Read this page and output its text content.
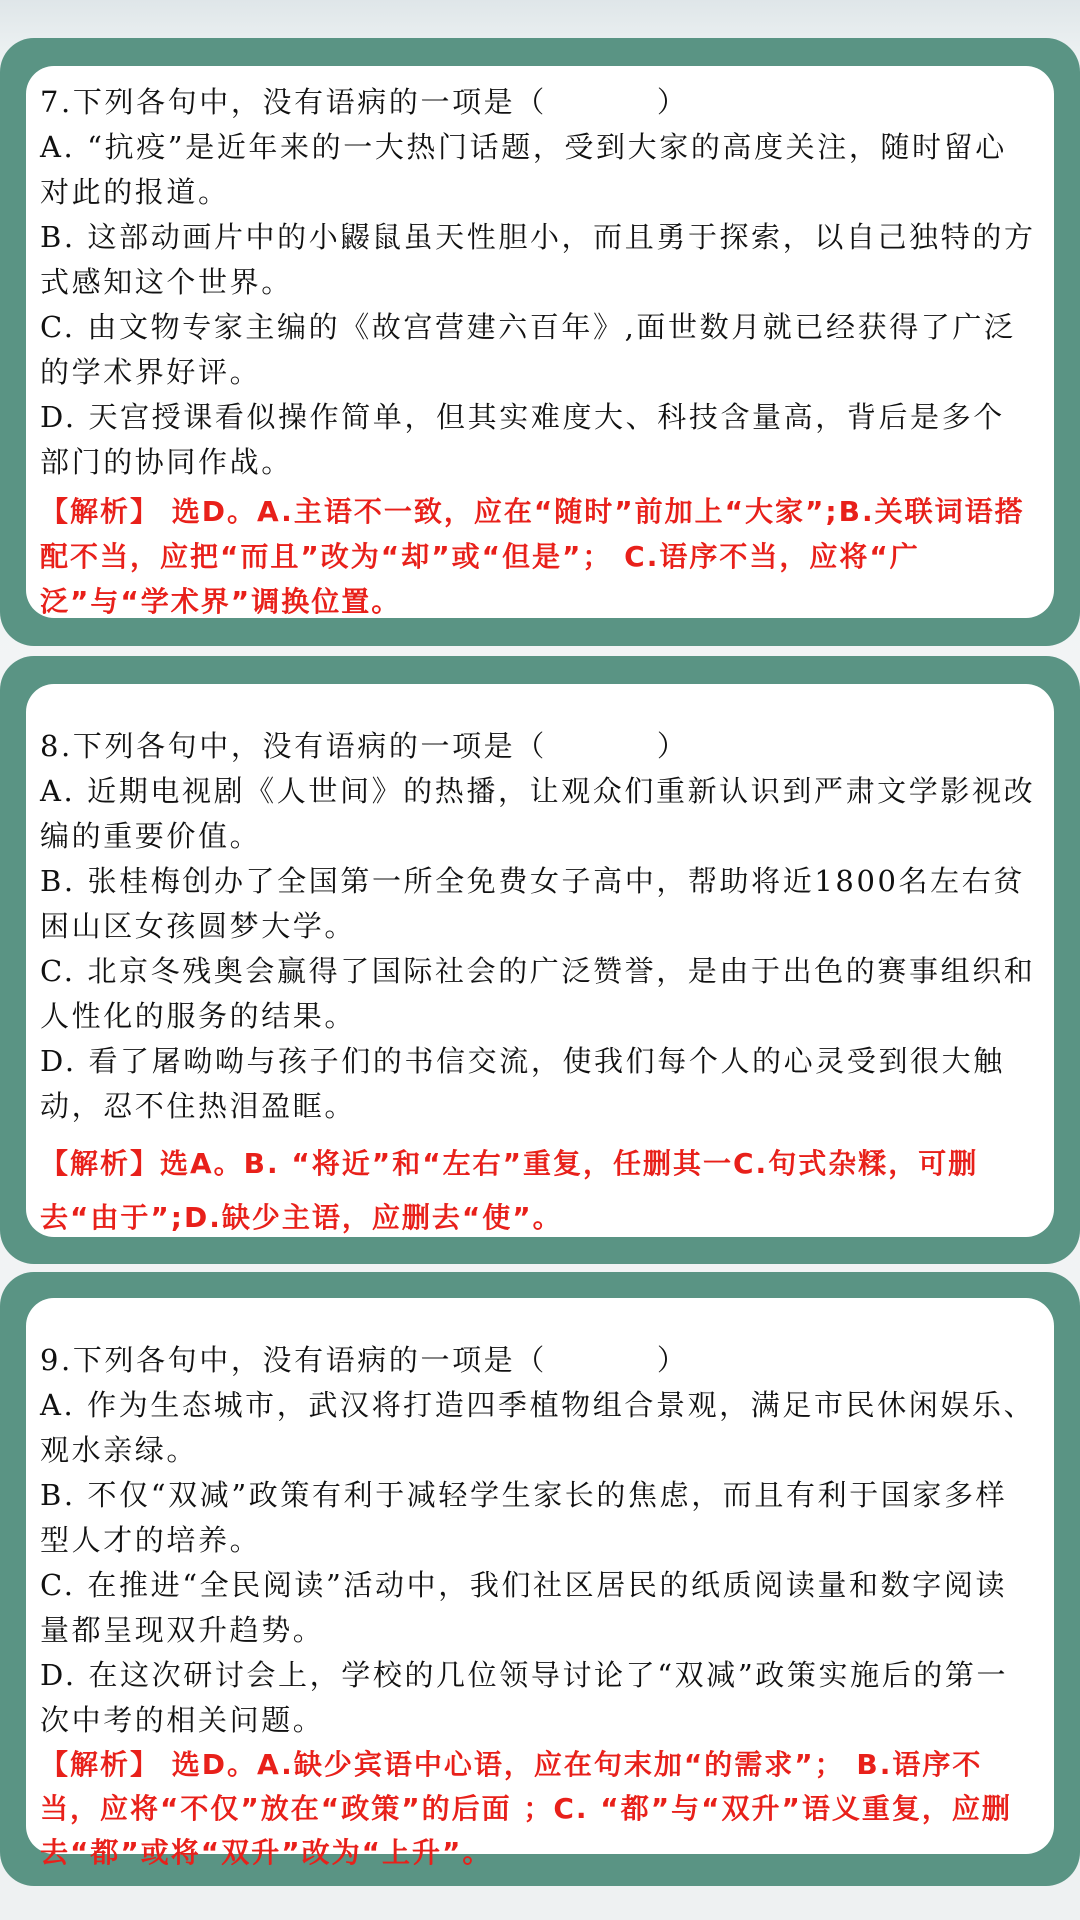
7.下列各句中，没有语病的一项是（	）

A. “抗疫”是近年来的一大热门话题，受到大家的高度关注，随时留心对此的报道。

B. 这部动画片中的小鼹鼠虽天性胆小，而且勇于探索，以自己独特的方式感知这个世界。

C. 由文物专家主编的《故宫营建六百年》,面世数月就已经获得了广泛的学术界好评。

D. 天宫授课看似操作简单，但其实难度大、科技含量高，背后是多个部门的协同作战。

【解析】 选D。A.主语不一致，应在“随时”前加上“大家”;B.关联词语搭配不当，应把“而且”改为“却”或“但是”； C.语序不当，应将“广泛”与“学术界”调换位置。

8.下列各句中，没有语病的一项是（	）

A. 近期电视剧《人世间》的热播，让观众们重新认识到严肃文学影视改编的重要价值。

B. 张桂梅创办了全国第一所全免费女子高中，帮助将近1800名左右贫困山区女孩圆梦大学。

C. 北京冬残奥会赢得了国际社会的广泛赞誉，是由于出色的赛事组织和人性化的服务的结果。

D. 看了屠呦呦与孩子们的书信交流，使我们每个人的心灵受到很大触动，忍不住热泪盈眶。

【解析】选A。B. “将近”和“左右”重复，任删其一C.句式杂糅，可删去“由于”;D.缺少主语，应删去“使”。

9.下列各句中，没有语病的一项是（	）

A. 作为生态城市，武汉将打造四季植物组合景观，满足市民休闲娱乐、观水亲绿。

B. 不仅“双减”政策有利于减轻学生家长的焦虑，而且有利于国家多样型人才的培养。

C. 在推进“全民阅读”活动中，我们社区居民的纸质阅读量和数字阅读量都呈现双升趋势。

D. 在这次研讨会上，学校的几位领导讨论了“双减”政策实施后的第一次中考的相关问题。

【解析】 选D。A.缺少宾语中心语，应在句末加“的需求”； B.语序不当，应将“不仅”放在“政策”的后面 ；C. “都”与“双升”语义重复，应删去“都”或将“双升”改为“上升”。
